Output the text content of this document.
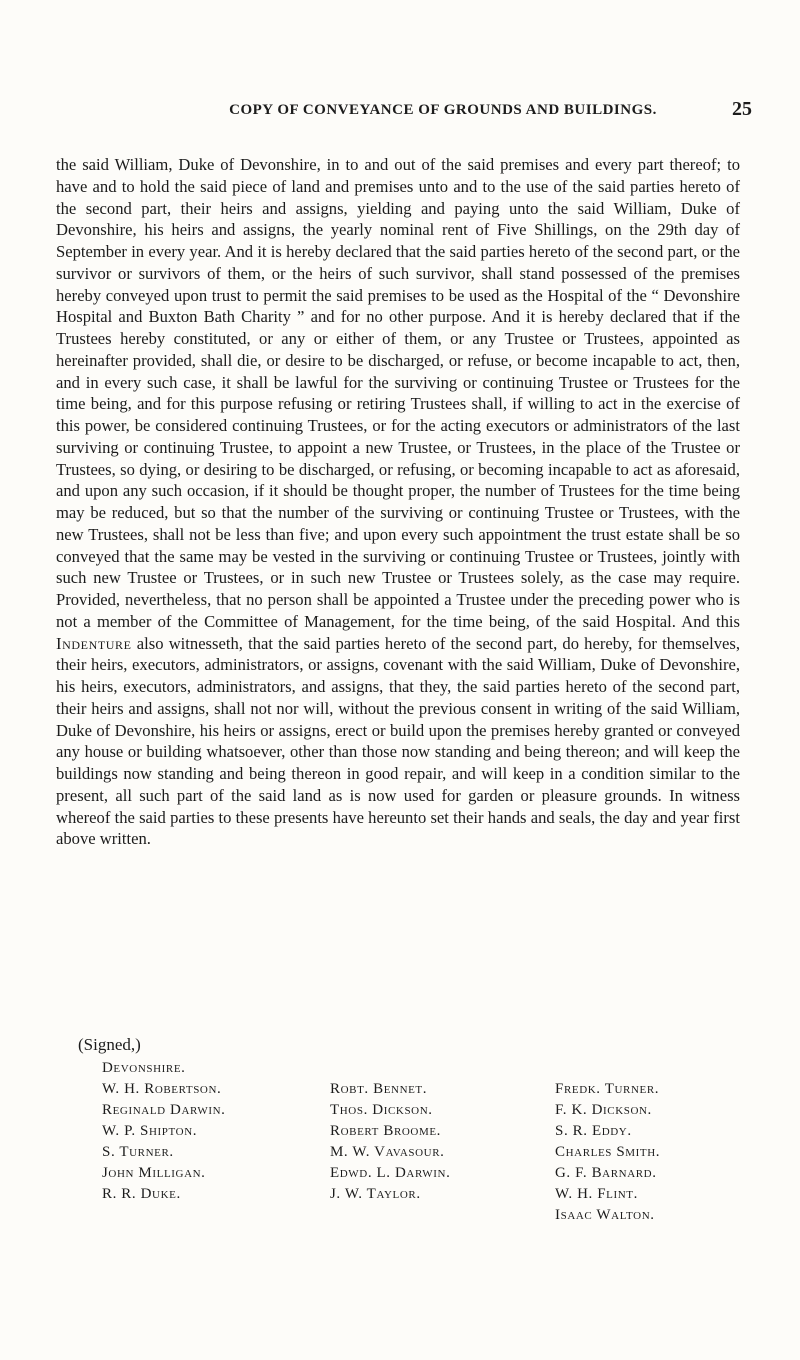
COPY OF CONVEYANCE OF GROUNDS AND BUILDINGS.	25

the said William, Duke of Devonshire, in to and out of the said premises and every part thereof; to have and to hold the said piece of land and premises unto and to the use of the said parties hereto of the second part, their heirs and assigns, yielding and paying unto the said William, Duke of Devonshire, his heirs and assigns, the yearly nominal rent of Five Shillings, on the 29th day of September in every year. And it is hereby declared that the said parties hereto of the second part, or the survivor or survivors of them, or the heirs of such survivor, shall stand possessed of the premises hereby conveyed upon trust to permit the said premises to be used as the Hospital of the “ Devonshire Hospital and Buxton Bath Charity ” and for no other purpose. And it is hereby declared that if the Trustees hereby constituted, or any or either of them, or any Trustee or Trustees, appointed as hereinafter provided, shall die, or desire to be discharged, or refuse, or become incapable to act, then, and in every such case, it shall be lawful for the surviving or continuing Trustee or Trustees for the time being, and for this purpose refusing or retiring Trustees shall, if willing to act in the exercise of this power, be considered continuing Trustees, or for the acting executors or administrators of the last surviving or continuing Trustee, to appoint a new Trustee, or Trustees, in the place of the Trustee or Trustees, so dying, or desiring to be discharged, or refusing, or becoming incapable to act as aforesaid, and upon any such occasion, if it should be thought proper, the number of Trustees for the time being may be reduced, but so that the number of the surviving or continuing Trustee or Trustees, with the new Trustees, shall not be less than five; and upon every such appointment the trust estate shall be so conveyed that the same may be vested in the surviving or continuing Trustee or Trustees, jointly with such new Trustee or Trustees, or in such new Trustee or Trustees solely, as the case may require. Provided, nevertheless, that no person shall be appointed a Trustee under the preceding power who is not a member of the Committee of Management, for the time being, of the said Hospital. And this Indenture also witnesseth, that the said parties hereto of the second part, do hereby, for themselves, their heirs, executors, administrators, or assigns, covenant with the said William, Duke of Devonshire, his heirs, executors, administrators, and assigns, that they, the said parties hereto of the second part, their heirs and assigns, shall not nor will, without the previous consent in writing of the said William, Duke of Devonshire, his heirs or assigns, erect or build upon the premises hereby granted or conveyed any house or building whatsoever, other than those now standing and being thereon; and will keep the buildings now standing and being thereon in good repair, and will keep in a condition similar to the present, all such part of the said land as is now used for garden or pleasure grounds. In witness whereof the said parties to these presents have hereunto set their hands and seals, the day and year first above written.

(Signed,)
Devonshire.
W. H. Robertson.
Reginald Darwin.
W. P. Shipton.
S. Turner.
John Milligan.
R. R. Duke.
Robt. Bennet.
Thos. Dickson.
Robert Broome.
M. W. Vavasour.
Edwd. L. Darwin.
J. W. Taylor.
Fredk. Turner.
F. K. Dickson.
S. R. Eddy.
Charles Smith.
G. F. Barnard.
W. H. Flint.
Isaac Walton.
